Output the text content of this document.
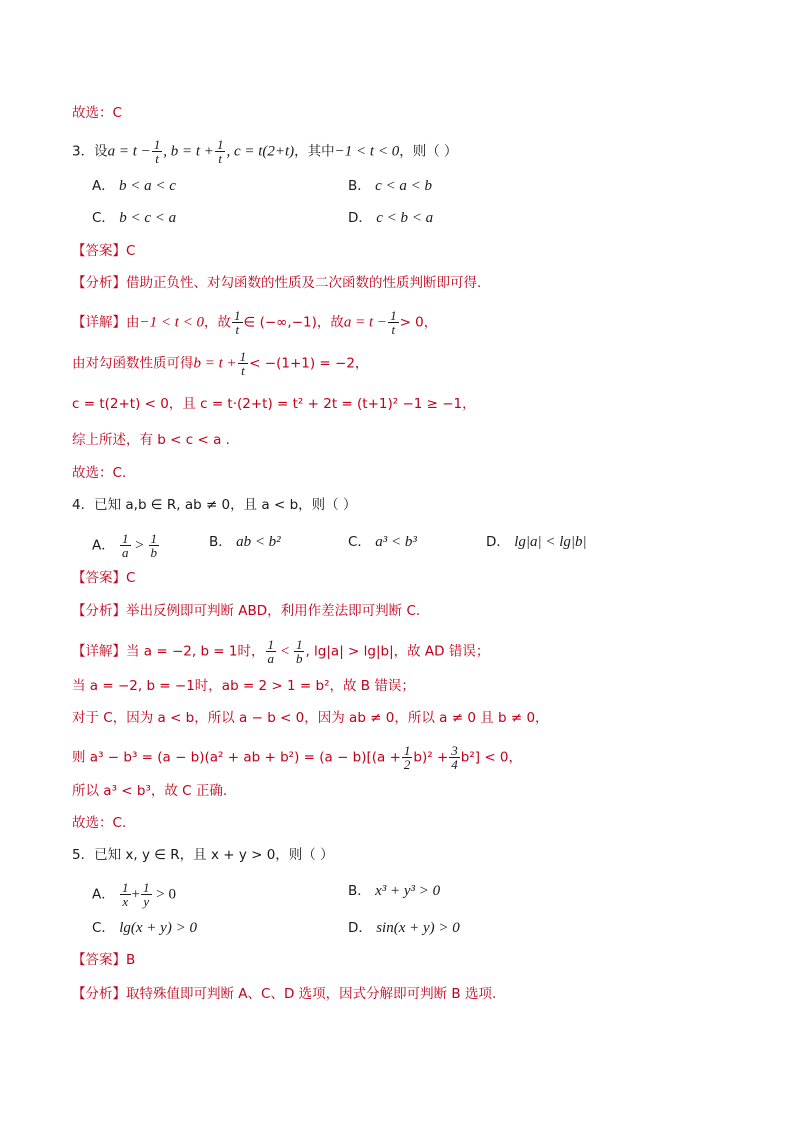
故选：C
3．设$a = t - \frac{1}{t}$ , $b = t + \frac{1}{t}$ , c = t(2+t)，其中−1 < t < 0，则（ ）
A． b < a < c	B． c < a < b
C． b < c < a	D． c < b < a
【答案】C
【分析】借助正负性、对勾函数的性质及二次函数的性质判断即可得.
【详解】由−1 < t < 0，故 $\frac{1}{t}$ ∈ (−∞,−1)，故$a = t - \frac{1}{t} > 0$，
由对勾函数性质可得$b = t + \frac{1}{t} < -(1+1) = -2$，
c = t(2+t) < 0，且 c = t·(2+t) = t² + 2t = (t+1)² −1 ≥ −1，
综上所述，有 b < c < a .
故选：C.
4．已知 a,b ∈ R, ab ≠ 0，且 a < b，则（ ）
A． $\frac{1}{a} > \frac{1}{b}$	B． ab < b²	C． a³ < b³	D． lg|a| < lg|b|
【答案】C
【分析】举出反例即可判断 ABD，利用作差法即可判断 C.
【详解】当 a = −2, b = 1时， $\frac{1}{a} < \frac{1}{b}$ , lg|a| > lg|b|，故 AD 错误；
当 a = −2, b = −1时，ab = 2 > 1 = b²，故 B 错误；
对于 C，因为 a < b，所以 a − b < 0，因为 ab ≠ 0，所以 a ≠ 0 且 b ≠ 0，
则 a³ − b³ = (a − b)(a² + ab + $b^2) = (a - b)[(a + \frac{1}{2} b)^2 + \frac{3}{4} b^2] < 0$，
所以 a³ < b³，故 C 正确.
故选：C.
5．已知 x, y ∈ R，且 x + y > 0，则（ ）
A． $\frac{1}{x} + \frac{1}{y} > 0$	B． x³ + y³ > 0
C． lg(x + y) > 0	D． sin(x + y) > 0
【答案】B
【分析】取特殊值即可判断 A、C、D 选项，因式分解即可判断 B 选项.
